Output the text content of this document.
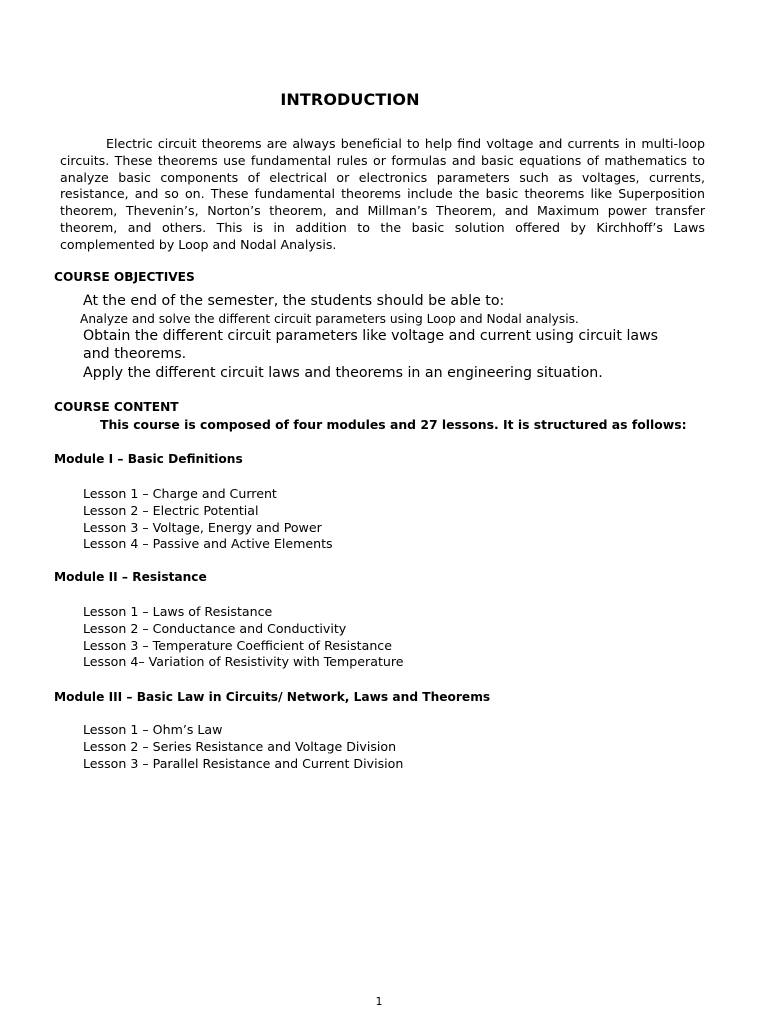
INTRODUCTION

Electric circuit theorems are always beneficial to help find voltage and currents in multi-loop circuits. These theorems use fundamental rules or formulas and basic equations of mathematics to analyze basic components of electrical or electronics parameters such as voltages, currents, resistance, and so on. These fundamental theorems include the basic theorems like Superposition theorem, Thevenin’s, Norton’s theorem, and Millman’s Theorem, and Maximum power transfer theorem, and others. This is in addition to the basic solution offered by Kirchhoff’s Laws complemented by Loop and Nodal Analysis.

COURSE OBJECTIVES
At the end of the semester, the students should be able to:
Analyze and solve the different circuit parameters using Loop and Nodal analysis.
Obtain the different circuit parameters like voltage and current using circuit laws and theorems.
Apply the different circuit laws and theorems in an engineering situation.
COURSE CONTENT
This course is composed of four modules and 27 lessons. It is structured as follows:
Module I – Basic Definitions
Lesson 1 – Charge and Current
Lesson 2 – Electric Potential
Lesson 3 – Voltage, Energy and Power
Lesson 4 – Passive and Active Elements
Module II – Resistance
Lesson 1 – Laws of Resistance
Lesson 2 – Conductance and Conductivity
Lesson 3 – Temperature Coefficient of Resistance
Lesson 4– Variation of Resistivity with Temperature
Module III – Basic Law in Circuits/ Network, Laws and Theorems
Lesson 1 – Ohm’s Law
Lesson 2 – Series Resistance and Voltage Division
Lesson 3 – Parallel Resistance and Current Division
1
